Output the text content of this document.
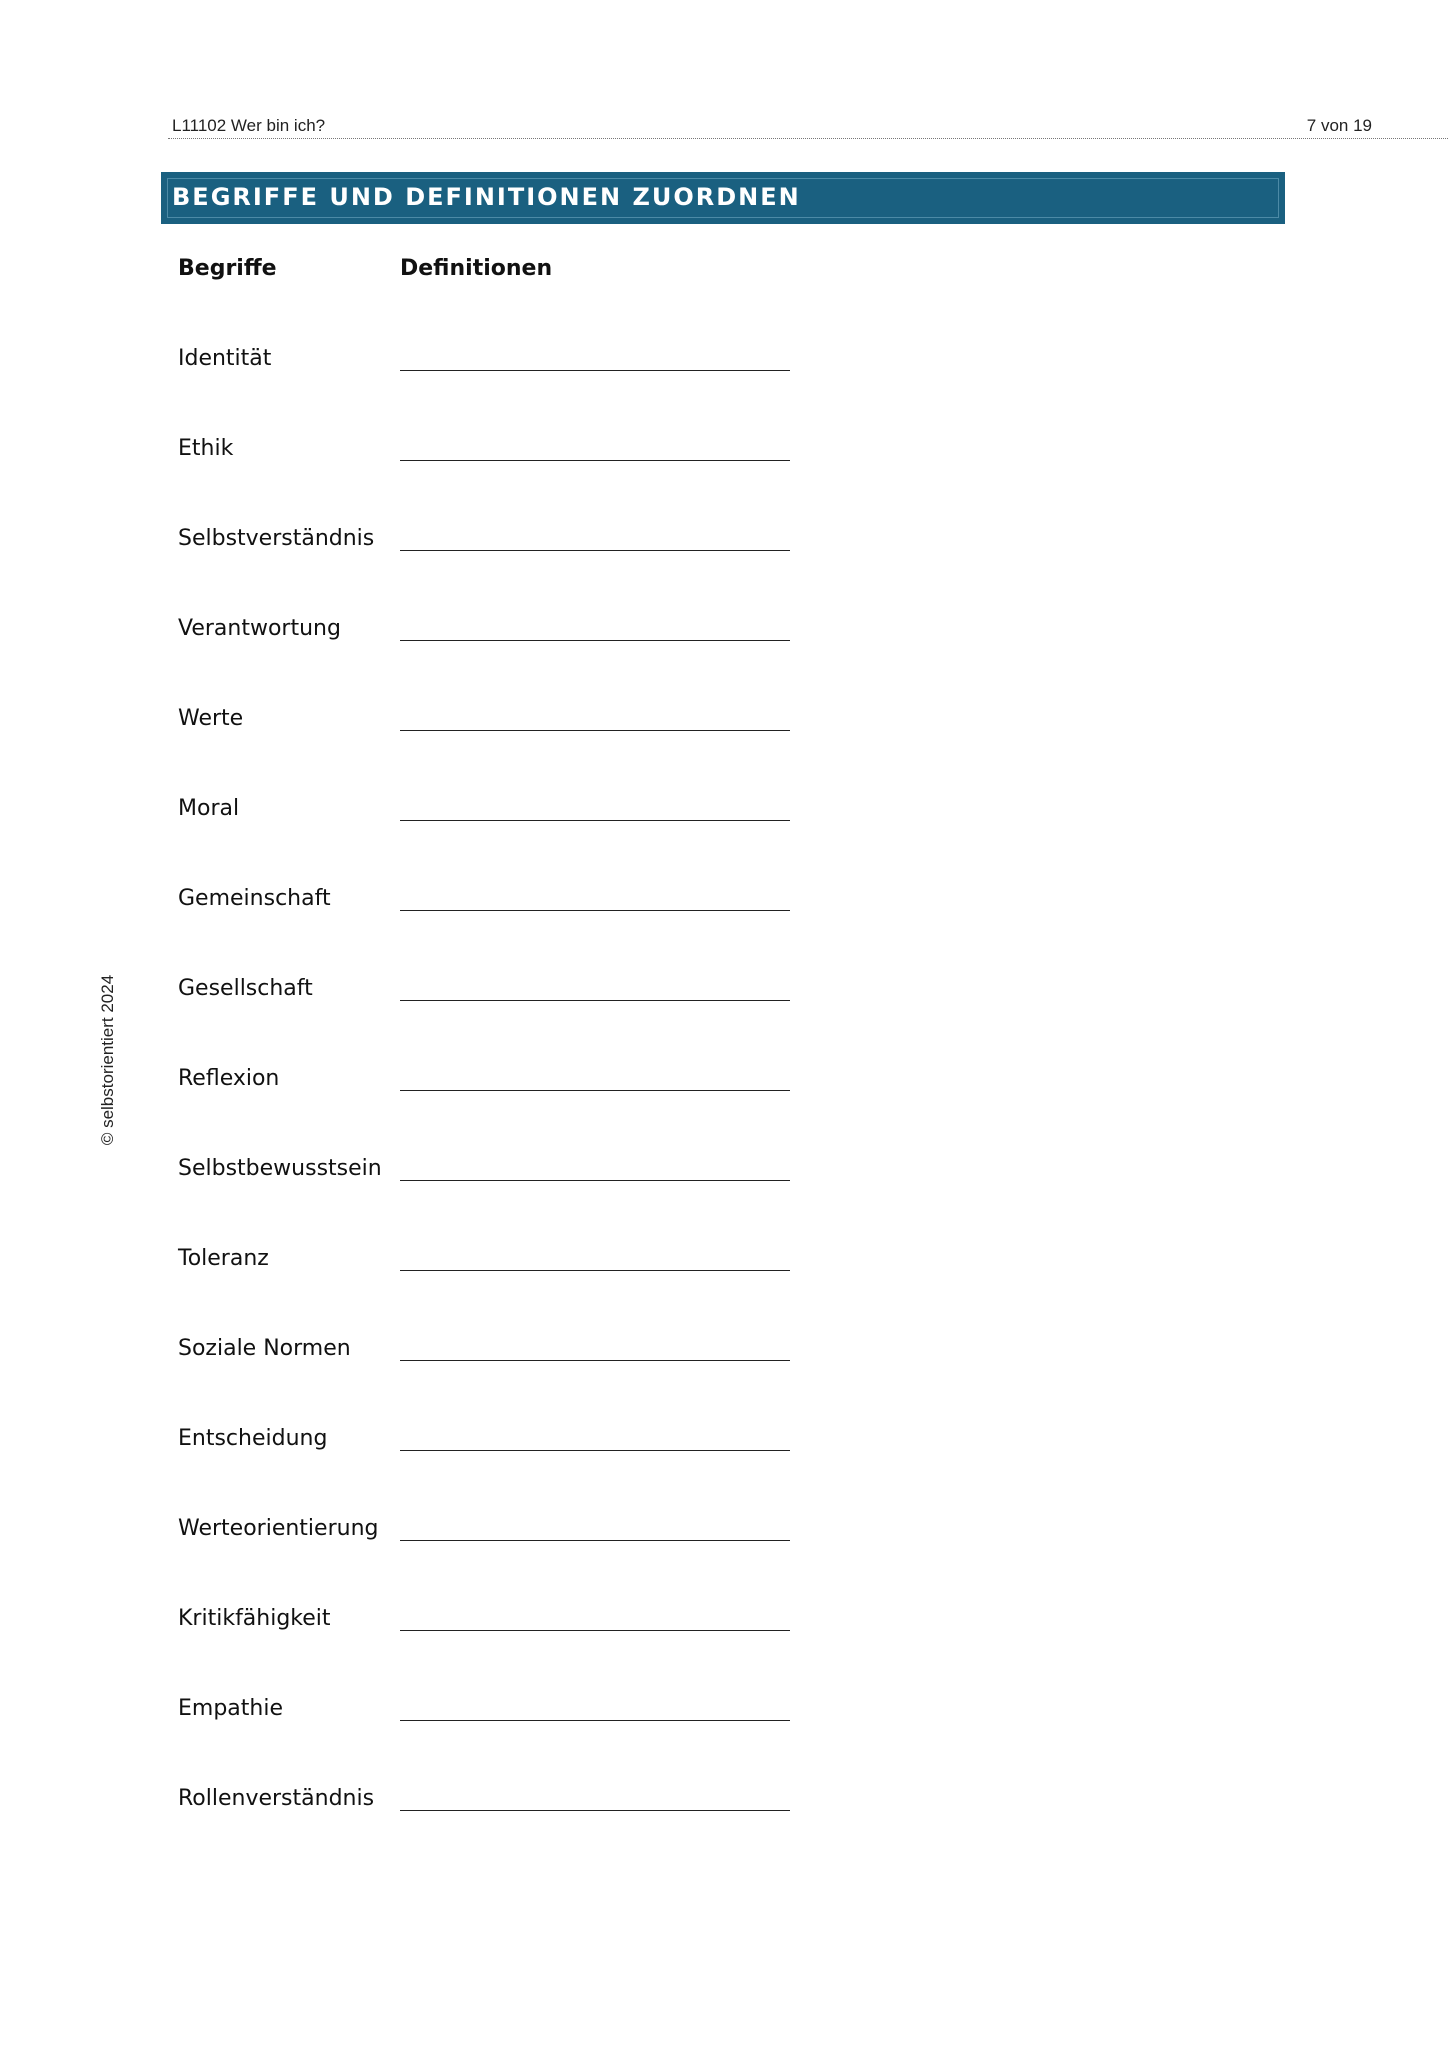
L11102 Wer bin ich?	7 von 19
BEGRIFFE UND DEFINITIONEN ZUORDNEN
Begriffe	Definitionen
Identität
Ethik
Selbstverständnis
Verantwortung
Werte
Moral
Gemeinschaft
Gesellschaft
Reflexion
Selbstbewusstsein
Toleranz
Soziale Normen
Entscheidung
Werteorientierung
Kritikfähigkeit
Empathie
Rollenverständnis
© selbstorientiert 2024
